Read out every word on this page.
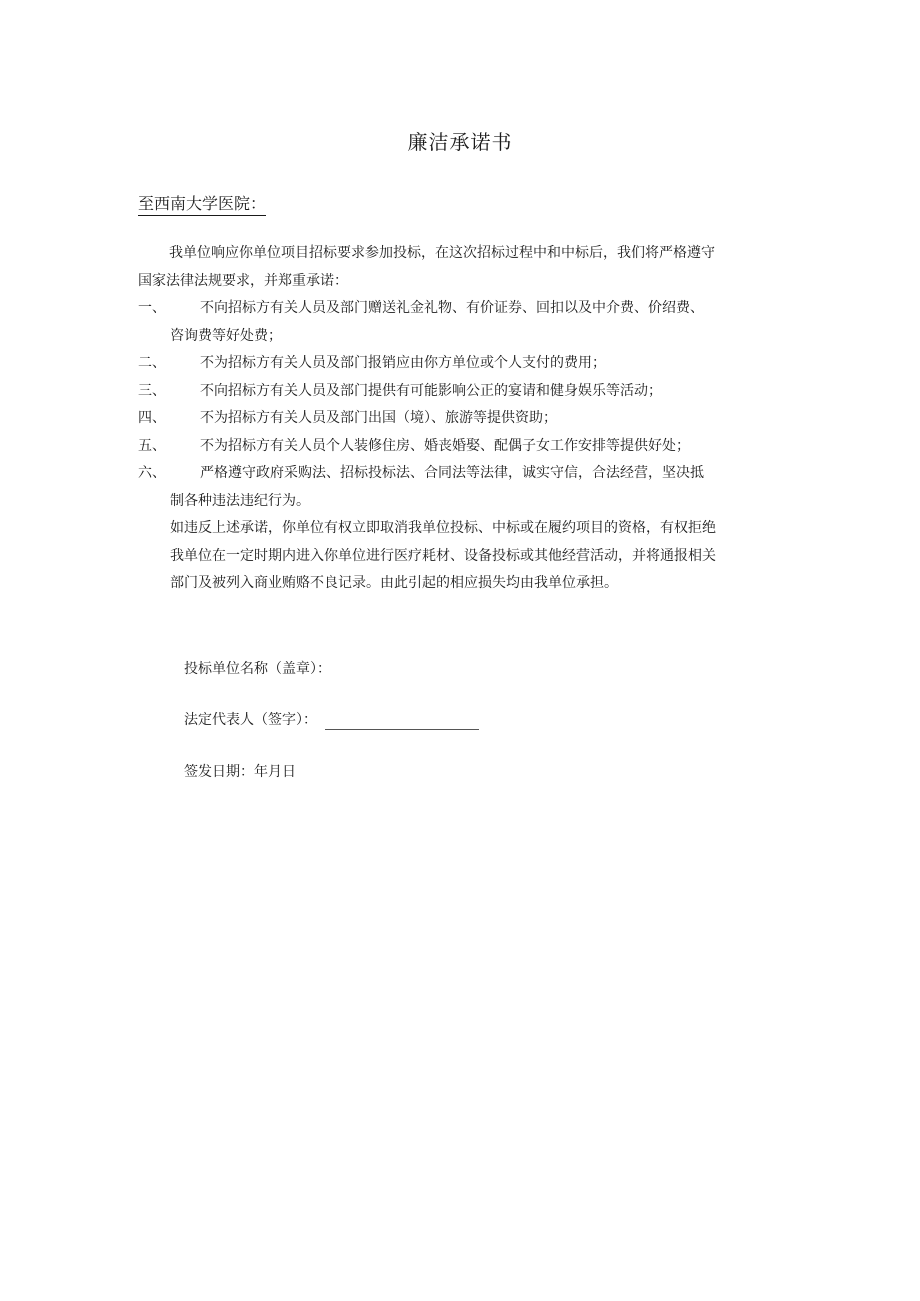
廉洁承诺书
至西南大学医院：

我单位响应你单位项目招标要求参加投标，在这次招标过程中和中标后，我们将严格遵守

国家法律法规要求，并郑重承诺：

一、	不向招标方有关人员及部门赠送礼金礼物、有价证券、回扣以及中介费、价绍费、
咨询费等好处费；
二、	不为招标方有关人员及部门报销应由你方单位或个人支付的费用；
三、	不向招标方有关人员及部门提供有可能影响公正的宴请和健身娱乐等活动；
四、	不为招标方有关人员及部门出国（境）、旅游等提供资助；
五、	不为招标方有关人员个人装修住房、婚丧婚娶、配偶子女工作安排等提供好处；
六、	严格遵守政府采购法、招标投标法、合同法等法律，诚实守信，合法经营，坚决抵
制各种违法违纪行为。

如违反上述承诺，你单位有权立即取消我单位投标、中标或在履约项目的资格，有权拒绝

我单位在一定时期内进入你单位进行医疗耗材、设备投标或其他经营活动，并将通报相关

部门及被列入商业贿赂不良记录。由此引起的相应损失均由我单位承担。

投标单位名称（盖章）：
法定代表人（签字）：
签发日期：年月日
